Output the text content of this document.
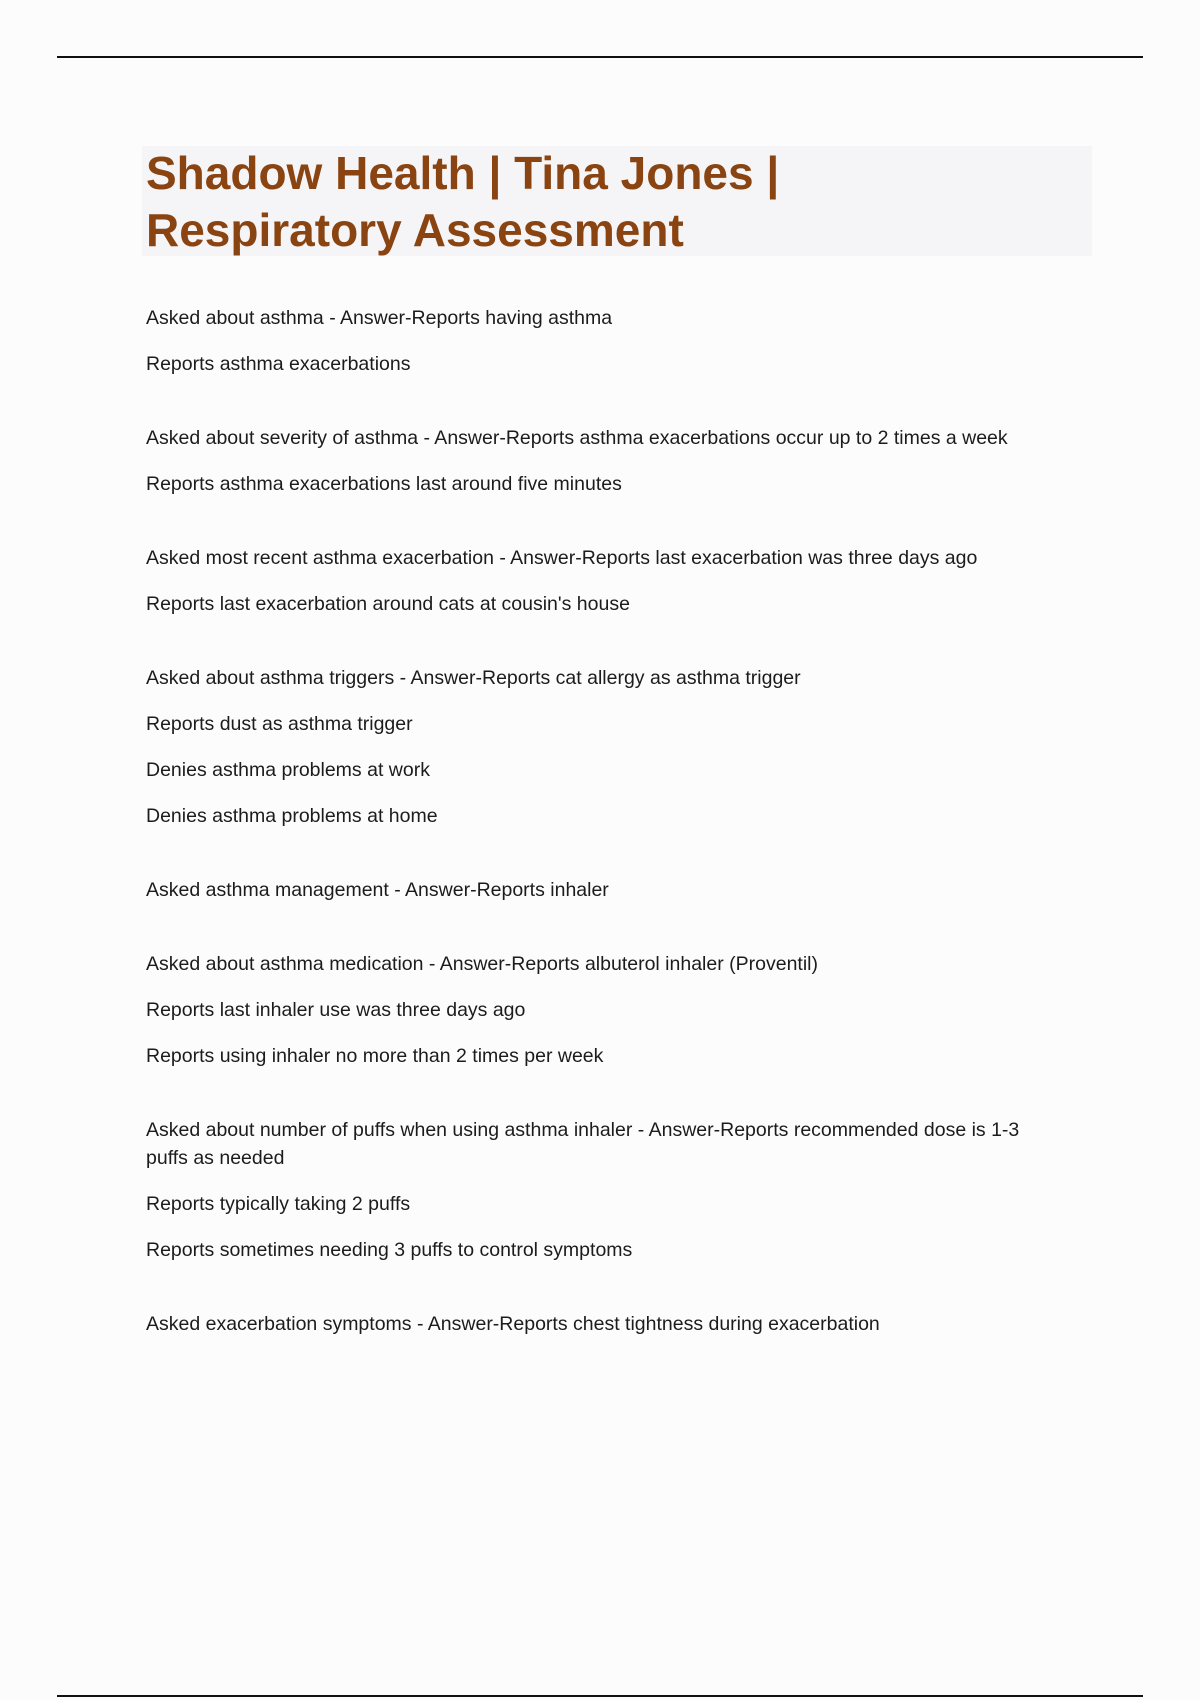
Shadow Health | Tina Jones |
Respiratory Assessment
Asked about asthma - Answer-Reports having asthma
Reports asthma exacerbations
Asked about severity of asthma - Answer-Reports asthma exacerbations occur up to 2 times a week
Reports asthma exacerbations last around five minutes
Asked most recent asthma exacerbation - Answer-Reports last exacerbation was three days ago
Reports last exacerbation around cats at cousin's house
Asked about asthma triggers - Answer-Reports cat allergy as asthma trigger
Reports dust as asthma trigger
Denies asthma problems at work
Denies asthma problems at home
Asked asthma management - Answer-Reports inhaler
Asked about asthma medication - Answer-Reports albuterol inhaler (Proventil)
Reports last inhaler use was three days ago
Reports using inhaler no more than 2 times per week
Asked about number of puffs when using asthma inhaler - Answer-Reports recommended dose is 1-3 puffs as needed
Reports typically taking 2 puffs
Reports sometimes needing 3 puffs to control symptoms
Asked exacerbation symptoms - Answer-Reports chest tightness during exacerbation
